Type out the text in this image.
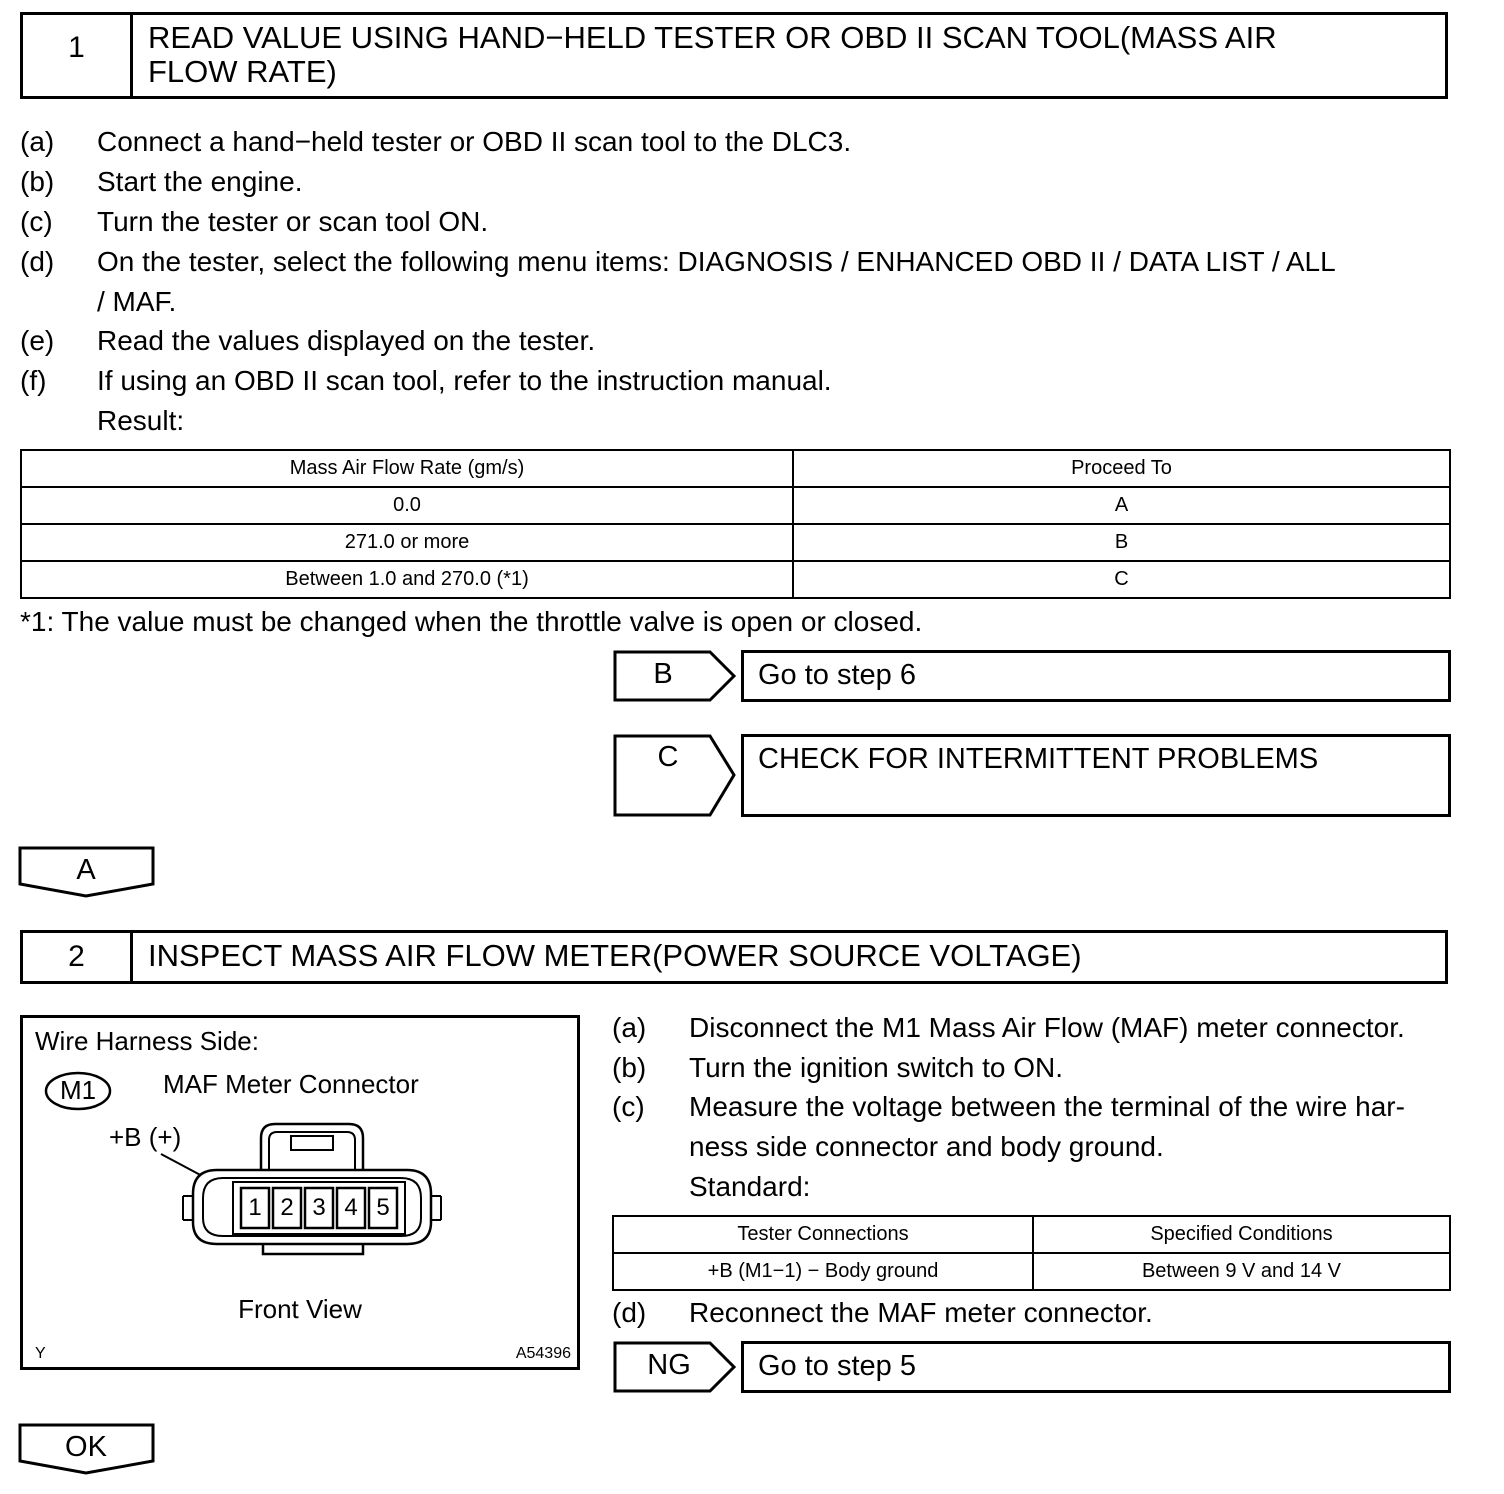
1	READ VALUE USING HAND−HELD TESTER OR OBD II SCAN TOOL(MASS AIR
FLOW RATE)
(a) Connect a hand−held tester or OBD II scan tool to the DLC3.
(b) Start the engine.
(c) Turn the tester or scan tool ON.
(d) On the tester, select the following menu items: DIAGNOSIS / ENHANCED OBD II / DATA LIST / ALL
/ MAF.
(e) Read the values displayed on the tester.
(f) If using an OBD II scan tool, refer to the instruction manual.
Result:
Mass Air Flow Rate (gm/s)	Proceed To
0.0	A
271.0 or more	B
Between 1.0 and 270.0 (*1)	C
*1: The value must be changed when the throttle valve is open or closed.
B	Go to step 6
C	CHECK FOR INTERMITTENT PROBLEMS
A
2	INSPECT MASS AIR FLOW METER(POWER SOURCE VOLTAGE)
Wire Harness Side:
M1	MAF Meter Connector
+B (+)
1 2 3 4 5
Front View
Y	A54396
(a) Disconnect the M1 Mass Air Flow (MAF) meter connector.
(b) Turn the ignition switch to ON.
(c) Measure the voltage between the terminal of the wire har-
ness side connector and body ground.
Standard:
Tester Connections	Specified Conditions
+B (M1−1) − Body ground	Between 9 V and 14 V
(d) Reconnect the MAF meter connector.
NG	Go to step 5
OK
